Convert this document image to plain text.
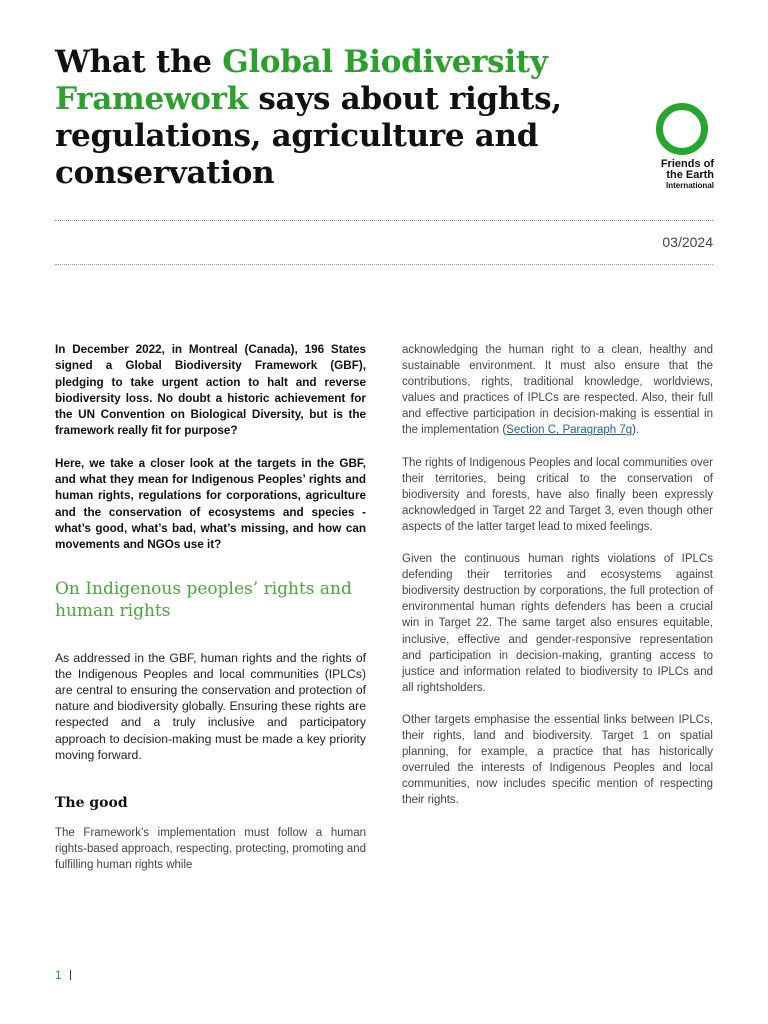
What the Global Biodiversity Framework says about rights, regulations, agriculture and conservation	Friends of
the Earth
International

03/2024

In December 2022, in Montreal (Canada), 196 States signed a Global Biodiversity Framework (GBF), pledging to take urgent action to halt and reverse biodiversity loss. No doubt a historic achievement for the UN Convention on Biological Diversity, but is the framework really fit for purpose?

Here, we take a closer look at the targets in the GBF, and what they mean for Indigenous Peoples’ rights and human rights, regulations for corporations, agriculture and the conservation of ecosystems and species - what’s good, what’s bad, what’s missing, and how can movements and NGOs use it?

On Indigenous peoples’ rights and human rights

As addressed in the GBF, human rights and the rights of the Indigenous Peoples and local communities (IPLCs) are central to ensuring the conservation and protection of nature and biodiversity globally. Ensuring these rights are respected and a truly inclusive and participatory approach to decision-making must be made a key priority moving forward.

The good

The Framework’s implementation must follow a human rights-based approach, respecting, protecting, promoting and fulfilling human rights while

acknowledging the human right to a clean, healthy and sustainable environment. It must also ensure that the contributions, rights, traditional knowledge, worldviews, values and practices of IPLCs are respected. Also, their full and effective participation in decision-making is essential in the implementation (Section C, Paragraph 7g).

The rights of Indigenous Peoples and local communities over their territories, being critical to the conservation of biodiversity and forests, have also finally been expressly acknowledged in Target 22 and Target 3, even though other aspects of the latter target lead to mixed feelings.

Given the continuous human rights violations of IPLCs defending their territories and ecosystems against biodiversity destruction by corporations, the full protection of environmental human rights defenders has been a crucial win in Target 22. The same target also ensures equitable, inclusive, effective and gender-responsive representation and participation in decision-making, granting access to justice and information related to biodiversity to IPLCs and all rightsholders.

Other targets emphasise the essential links between IPLCs, their rights, land and biodiversity. Target 1 on spatial planning, for example, a practice that has historically overruled the interests of Indigenous Peoples and local communities, now includes specific mention of respecting their rights.

1
